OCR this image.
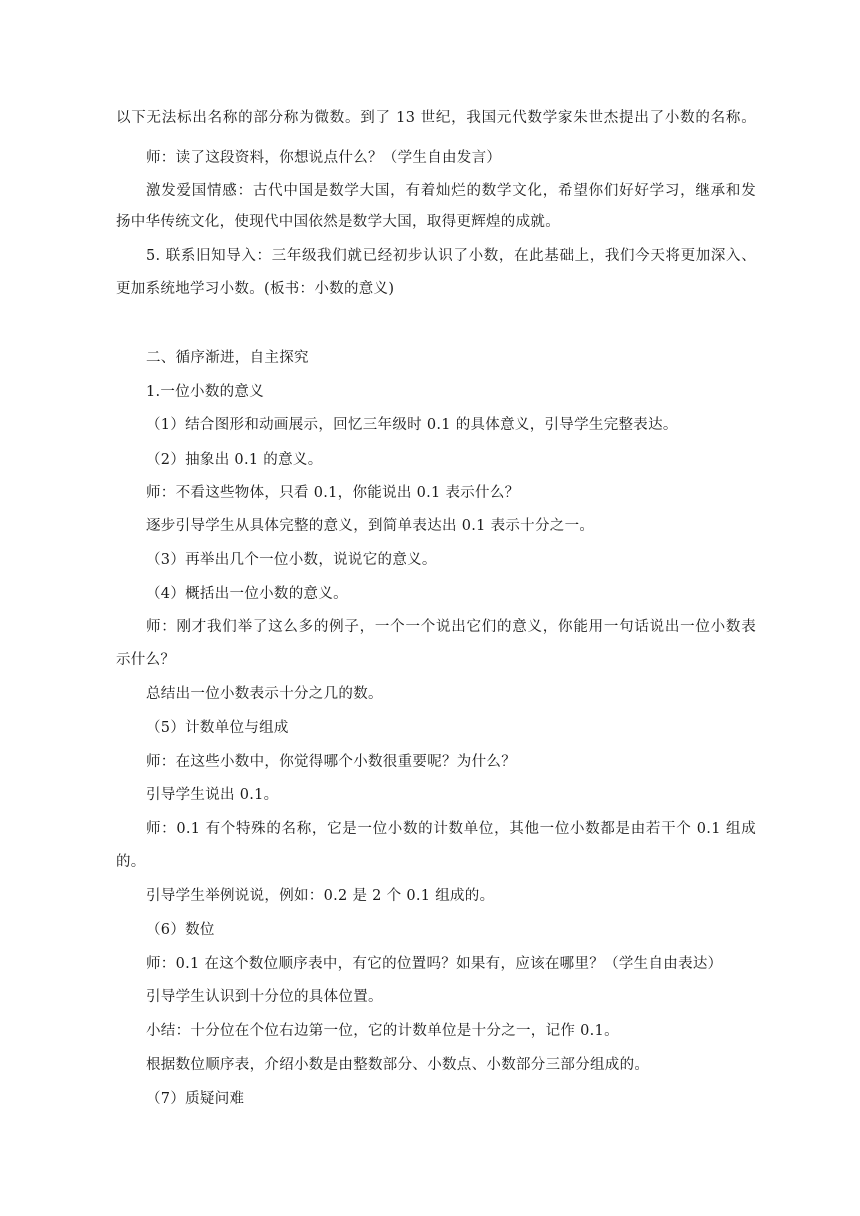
以下无法标出名称的部分称为微数。到了 13 世纪，我国元代数学家朱世杰提出了小数的名称。
师：读了这段资料，你想说点什么？（学生自由发言）
激发爱国情感：古代中国是数学大国，有着灿烂的数学文化，希望你们好好学习，继承和发
扬中华传统文化，使现代中国依然是数学大国，取得更辉煌的成就。
5. 联系旧知导入：三年级我们就已经初步认识了小数，在此基础上，我们今天将更加深入、
更加系统地学习小数。(板书：小数的意义)
二、循序渐进，自主探究
1.一位小数的意义
（1）结合图形和动画展示，回忆三年级时 0.1 的具体意义，引导学生完整表达。
（2）抽象出 0.1 的意义。
师：不看这些物体，只看 0.1，你能说出 0.1 表示什么？
逐步引导学生从具体完整的意义，到简单表达出 0.1 表示十分之一。
（3）再举出几个一位小数，说说它的意义。
（4）概括出一位小数的意义。
师：刚才我们举了这么多的例子，一个一个说出它们的意义，你能用一句话说出一位小数表
示什么？
总结出一位小数表示十分之几的数。
（5）计数单位与组成
师：在这些小数中，你觉得哪个小数很重要呢？为什么？
引导学生说出 0.1。
师：0.1 有个特殊的名称，它是一位小数的计数单位，其他一位小数都是由若干个 0.1 组成
的。
引导学生举例说说，例如：0.2 是 2 个 0.1 组成的。
（6）数位
师：0.1 在这个数位顺序表中，有它的位置吗？如果有，应该在哪里？（学生自由表达）
引导学生认识到十分位的具体位置。
小结：十分位在个位右边第一位，它的计数单位是十分之一，记作 0.1。
根据数位顺序表，介绍小数是由整数部分、小数点、小数部分三部分组成的。
（7）质疑问难
